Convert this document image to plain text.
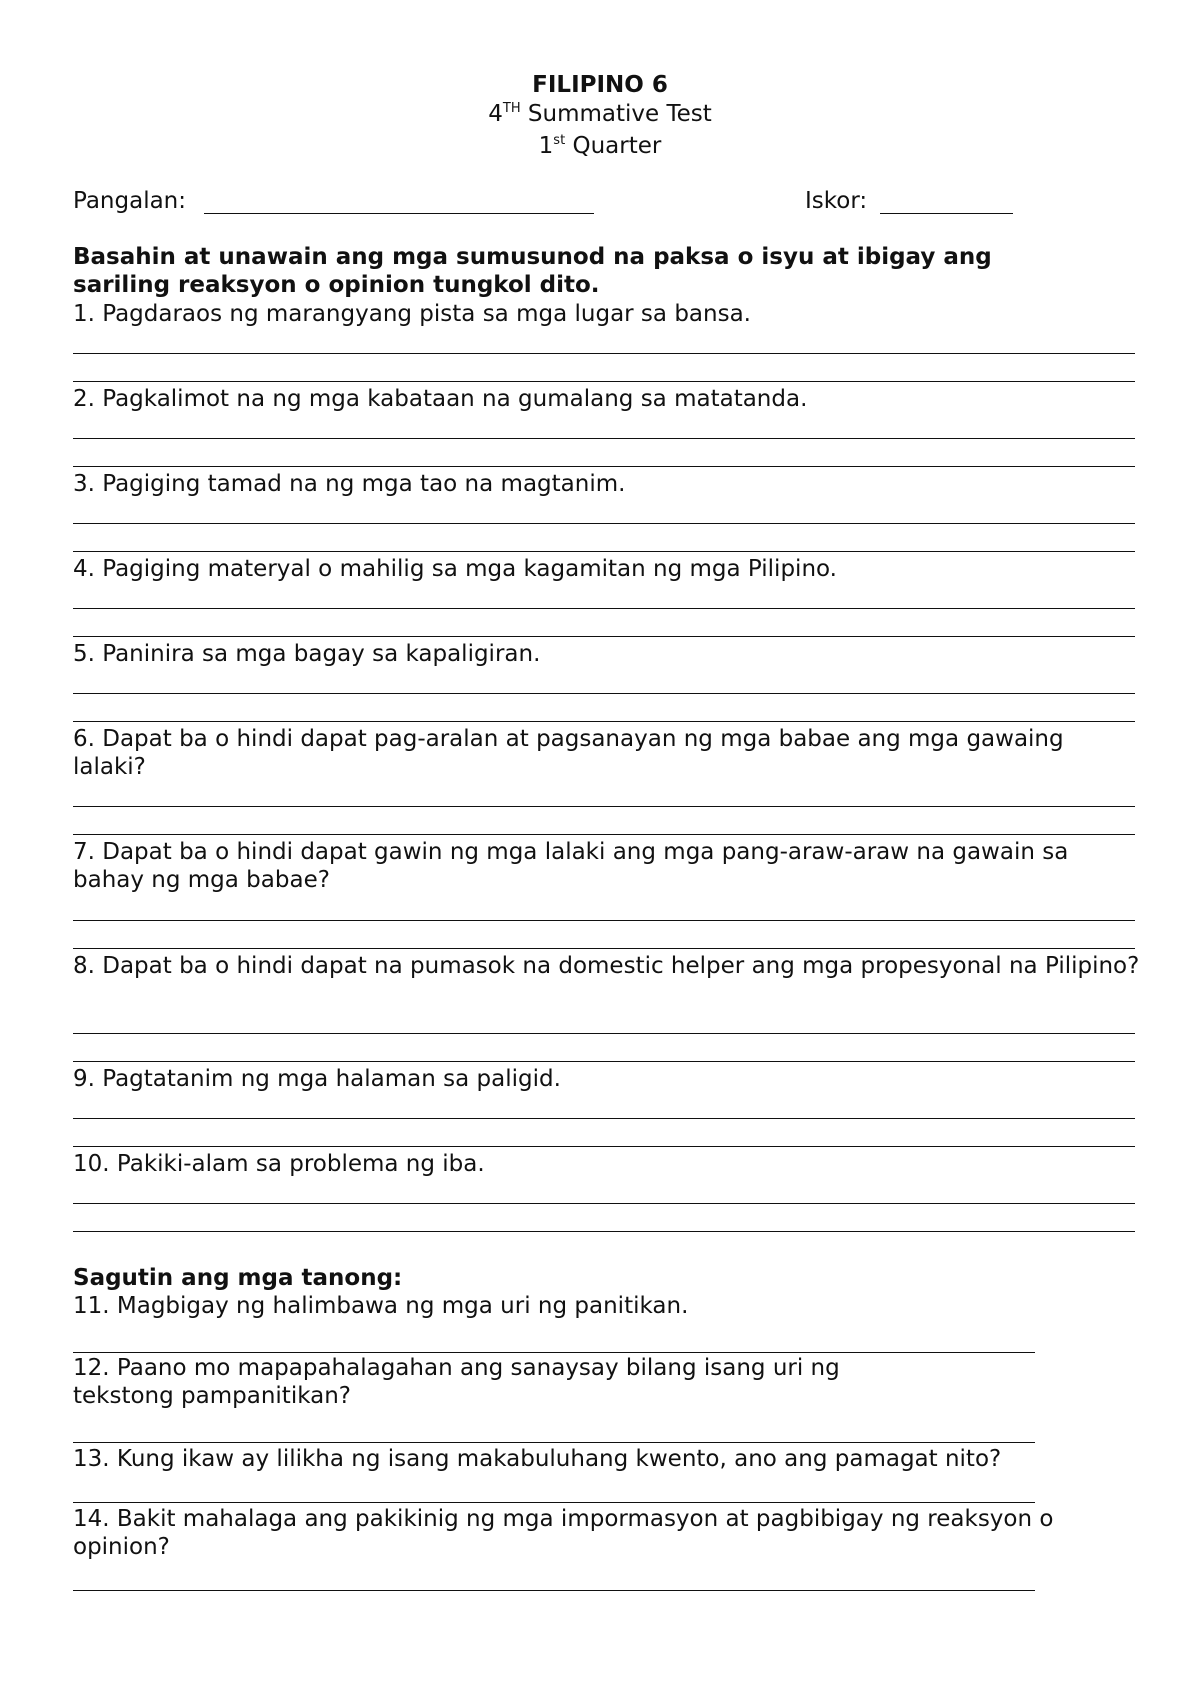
FILIPINO 6
4TH Summative Test
1st Quarter
Pangalan:	Iskor:
Basahin at unawain ang mga sumusunod na paksa o isyu at ibigay ang sariling reaksyon o opinion tungkol dito.
1. Pagdaraos ng marangyang pista sa mga lugar sa bansa.
2. Pagkalimot na ng mga kabataan na gumalang sa matatanda.
3. Pagiging tamad na ng mga tao na magtanim.
4. Pagiging materyal o mahilig sa mga kagamitan ng mga Pilipino.
5. Paninira sa mga bagay sa kapaligiran.
6. Dapat ba o hindi dapat pag-aralan at pagsanayan ng mga babae ang mga gawaing lalaki?
7. Dapat ba o hindi dapat gawin ng mga lalaki ang mga pang-araw-araw na gawain sa bahay ng mga babae?
8. Dapat ba o hindi dapat na pumasok na domestic helper ang mga propesyonal na Pilipino?
9. Pagtatanim ng mga halaman sa paligid.
10. Pakiki-alam sa problema ng iba.
Sagutin ang mga tanong:
11. Magbigay ng halimbawa ng mga uri ng panitikan.
12. Paano mo mapapahalagahan ang sanaysay bilang isang uri ng tekstong pampanitikan?
13. Kung ikaw ay lilikha ng isang makabuluhang kwento, ano ang pamagat nito?
14. Bakit mahalaga ang pakikinig ng mga impormasyon at pagbibigay ng reaksyon o opinion?
